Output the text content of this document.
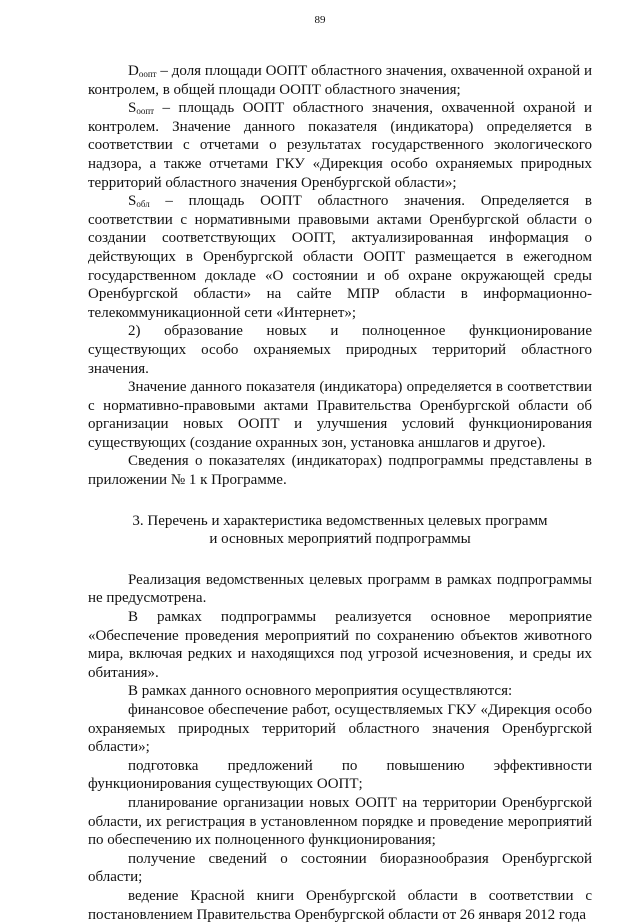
89

$D_{оопт}$ – доля площади ООПТ областного значения, охваченной охраной и контролем, в общей площади ООПТ областного значения;

$S_{оопт}$ – площадь ООПТ областного значения, охваченной охраной и контролем. Значение данного показателя (индикатора) определяется в соответствии с отчетами о результатах государственного экологического надзора, а также отчетами ГКУ «Дирекция особо охраняемых природных территорий областного значения Оренбургской области»;

$S_{обл}$ – площадь ООПТ областного значения. Определяется в соответствии с нормативными правовыми актами Оренбургской области о создании соответствующих ООПТ, актуализированная информация о действующих в Оренбургской области ООПТ размещается в ежегодном государственном докладе «О состоянии и об охране окружающей среды Оренбургской области» на сайте МПР области в информационно-телекоммуникационной сети «Интернет»;

2) образование новых и полноценное функционирование существующих особо охраняемых природных территорий областного значения.

Значение данного показателя (индикатора) определяется в соответствии с нормативно-правовыми актами Правительства Оренбургской области об организации новых ООПТ и улучшения условий функционирования существующих (создание охранных зон, установка аншлагов и другое).

Сведения о показателях (индикаторах) подпрограммы представлены в приложении № 1 к Программе.

3. Перечень и характеристика ведомственных целевых программ
и основных мероприятий подпрограммы

Реализация ведомственных целевых программ в рамках подпрограммы не предусмотрена.

В рамках подпрограммы реализуется основное мероприятие «Обеспечение проведения мероприятий по сохранению объектов животного мира, включая редких и находящихся под угрозой исчезновения, и среды их обитания».

В рамках данного основного мероприятия осуществляются:

финансовое обеспечение работ, осуществляемых ГКУ «Дирекция особо охраняемых природных территорий областного значения Оренбургской области»;

подготовка предложений по повышению эффективности функционирования существующих ООПТ;

планирование организации новых ООПТ на территории Оренбургской области, их регистрация в установленном порядке и проведение мероприятий по обеспечению их полноценного функционирования;

получение сведений о состоянии биоразнообразия Оренбургской области;

ведение Красной книги Оренбургской области в соответствии с постановлением Правительства Оренбургской области от 26 января 2012 года
